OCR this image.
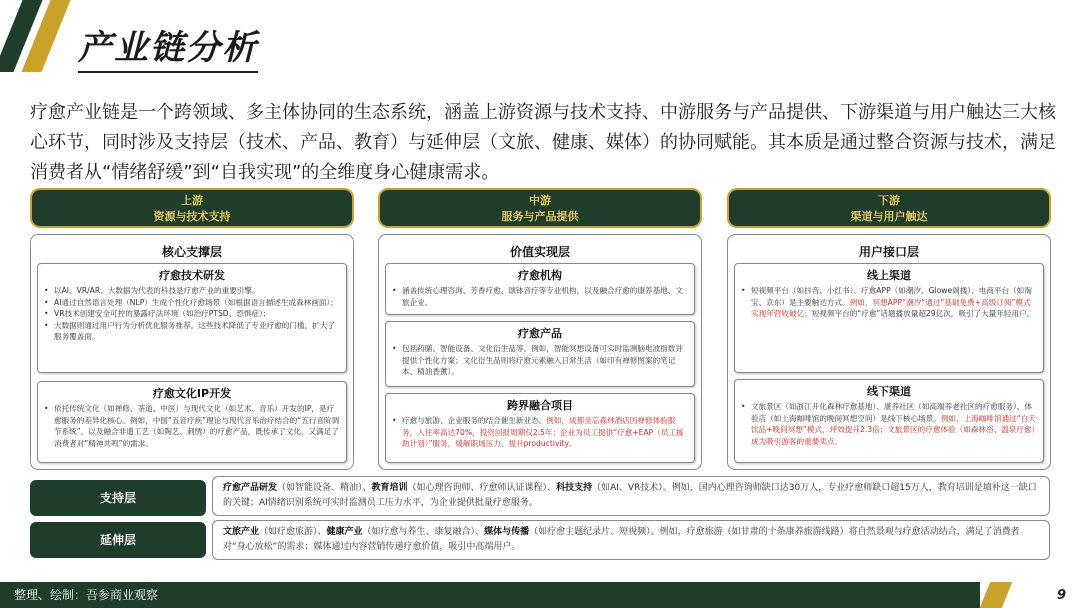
产业链分析
疗愈产业链是一个跨领域、多主体协同的生态系统，涵盖上游资源与技术支持、中游服务与产品提供、下游渠道与用户触达三大核心环节，同时涉及支持层（技术、产品、教育）与延伸层（文旅、健康、媒体）的协同赋能。其本质是通过整合资源与技术，满足消费者从“情绪舒缓”到“自我实现”的全维度身心健康需求。
上游
资源与技术支持
中游
服务与产品提供
下游
渠道与用户触达
核心支撑层
疗愈技术研发
• 以AI、VR/AR、大数据为代表的科技是疗愈产业的重要引擎。
• AI通过自然语言处理（NLP）生成个性化疗愈场景（如根据语言描述生成森林画面）；
• VR技术创建安全可控的暴露疗法环境（如治疗PTSD、恐惧症）；
• 大数据则通过用户行为分析优化服务推荐。这些技术降低了专业疗愈的门槛，扩大了服务覆盖面。
疗愈文化IP开发
• 依托传统文化（如禅修、茶道、中医）与现代文化（如艺术、音乐）开发的IP，是疗愈服务的差异化核心。例如，中国“五音疗疾”理论与现代音乐治疗结合的“五行音阶调节系统”，以及融合非遗工艺（如陶艺、刺绣）的疗愈产品，既传承了文化，又满足了消费者对“精神共鸣”的需求。
价值实现层
疗愈机构
• 涵盖传统心理咨询、芳香疗愈、颂钵音疗等专业机构，以及融合疗愈的康养基地、文旅企业。
疗愈产品
• 包括药膳、智能设备、文化衍生品等。例如，智能冥想设备可实时监测脑电波指数并提供个性化方案；文化衍生品则将疗愈元素融入日常生活（如印有禅修图案的笔记本、精油香薰）。
跨界融合项目
• 疗愈与旅游、企业服务的结合催生新业态。例如，成都坐忘森林酒店因禅修体验服务，入住率高达70%，投资回报周期仅2.5年；企业为员工提供“疗愈+EAP（员工援助计划）”服务，缓解职场压力，提升productivity。
用户接口层
线上渠道
• 短视频平台（如抖音、小红书）、疗愈APP（如潮汐、Glowe阁楼）、电商平台（如淘宝、京东）是主要触达方式。例如，冥想APP“潮汐”通过“基础免费+高级订阅”模式实现年营收破亿；短视频平台的“疗愈”话题播放量超29亿次，吸引了大量年轻用户。
线下渠道
• 文旅景区（如浙江开化森林疗愈基地）、康养社区（如高端养老社区的疗愈服务）、体验店（如上海咖啡馆的晚间冥想空间）是线下核心场景。例如，上海咖啡馆通过“白天饮品+晚间冥想”模式，坪效提升2.3倍；文旅景区的疗愈体验（如森林浴、温泉疗愈）成为吸引游客的重要卖点。
支持层
疗愈产品研发（如智能设备、精油）、教育培训（如心理咨询师、疗愈师认证课程）、科技支持（如AI、VR技术）。例如，国内心理咨询师缺口达30万人，专业疗愈师缺口超15万人，教育培训是填补这一缺口的关键；AI情绪识别系统可实时监测员工压力水平，为企业提供批量疗愈服务。
延伸层
文旅产业（如疗愈旅游）、健康产业（如疗愈与养生、康复融合）、媒体与传播（如疗愈主题纪录片、短视频）。例如，疗愈旅游（如甘肃的十条康养旅游线路）将自然景观与疗愈活动结合，满足了消费者对“身心放松”的需求；媒体通过内容营销传递疗愈价值，吸引中高端用户。
整理、绘制：吾参商业观察	9
